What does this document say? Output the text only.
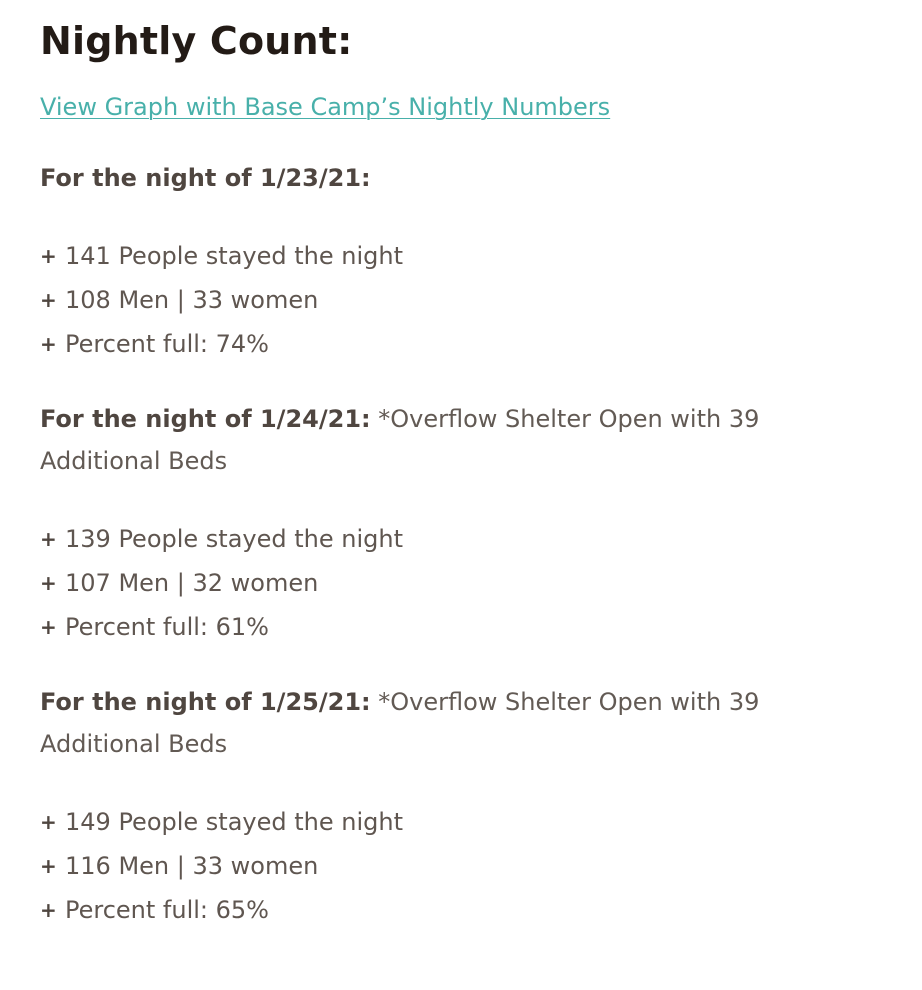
Nightly Count:
View Graph with Base Camp’s Nightly Numbers

For the night of 1/23/21:

+ 141 People stayed the night
+ 108 Men | 33 women
+ Percent full: 74%

For the night of 1/24/21: *Overflow Shelter Open with 39 Additional Beds

+ 139 People stayed the night
+ 107 Men | 32 women
+ Percent full: 61%

For the night of 1/25/21: *Overflow Shelter Open with 39 Additional Beds

+ 149 People stayed the night
+ 116 Men | 33 women
+ Percent full: 65%
